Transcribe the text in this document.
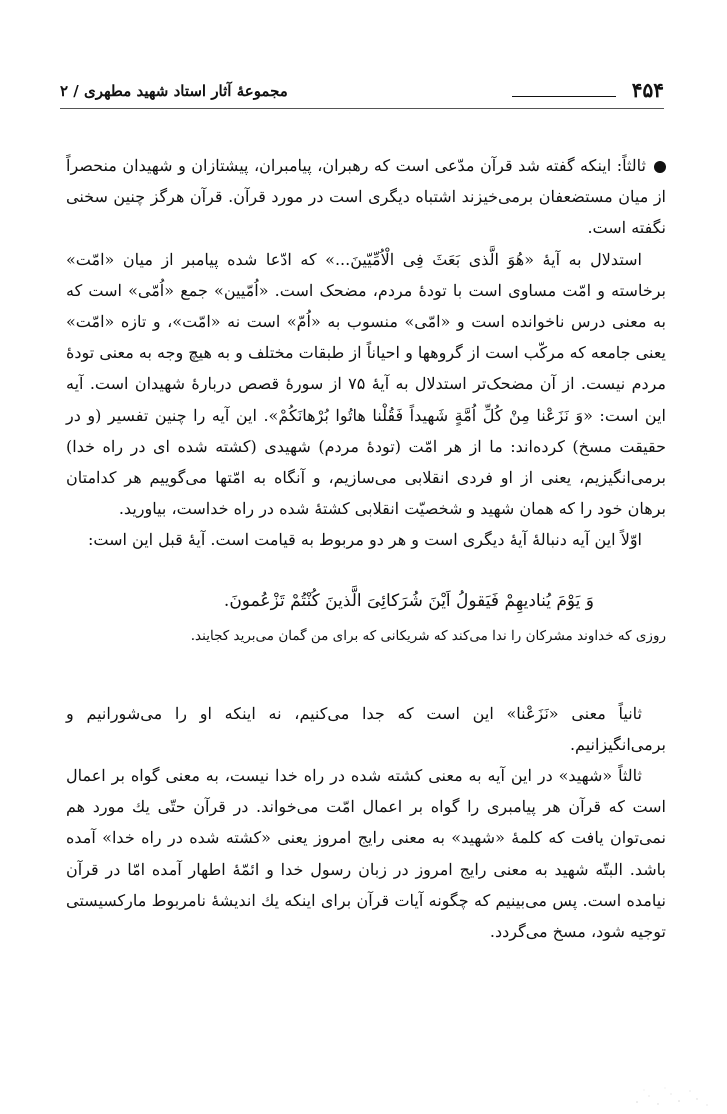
۴۵۴
مجموعهٔ آثار استاد شهید مطهری / ۲

ثالثاً: اینکه گفته شد قرآن مدّعی است که رهبران، پیامبران، پیشتازان و شهیدان منحصراً از میان مستضعفان برمی‌خیزند اشتباه دیگری است در مورد قرآن. قرآن هرگز چنین سخنی نگفته است.

استدلال به آیهٔ «هُوَ الَّذی بَعَثَ فِی الْاُمِّیّینَ...» که ادّعا شده پیامبر از میان «امّت» برخاسته و امّت مساوی است با تودهٔ مردم، مضحک است. «اُمّیین» جمع «اُمّی» است که به معنی درس ناخوانده است و «امّی» منسوب به «اُمّ» است نه «امّت»، و تازه «امّت» یعنی جامعه که مرکّب است از گروهها و احیاناً از طبقات مختلف و به هیچ وجه به معنی تودهٔ مردم نیست. از آن مضحک‌تر استدلال به آیهٔ ۷۵ از سورهٔ قصص دربارهٔ شهیدان است. آیه این است: «وَ نَزَعْنا مِنْ کُلِّ اُمَّةٍ شَهیداً فَقُلْنا هاتُوا بُرْهانَکُمْ». این آیه را چنین تفسیر (و در حقیقت مسخ) کرده‌اند: ما از هر امّت (تودهٔ مردم) شهیدی (کشته شده ای در راه خدا) برمی‌انگیزیم، یعنی از او فردی انقلابی می‌سازیم، و آنگاه به امّتها می‌گوییم هر کدامتان برهان خود را که همان شهید و شخصیّت انقلابی کشتهٔ شده در راه خداست، بیاورید.

اوّلاً این آیه دنبالهٔ آیهٔ دیگری است و هر دو مربوط به قیامت است. آیهٔ قبل این است:

وَ یَوْمَ یُنادیهِمْ فَیَقولُ اَیْنَ شُرَکائِیَ الَّذینَ کُنْتُمْ تَزْعُمونَ.

روزی که خداوند مشرکان را ندا می‌کند که شریکانی که برای من گمان می‌برید کجایند.

ثانیاً معنی «نَزَعْنا» این است که جدا می‌کنیم، نه اینکه او را می‌شورانیم و برمی‌انگیزانیم.

ثالثاً «شهید» در این آیه به معنی کشته شده در راه خدا نیست، به معنی گواه بر اعمال است که قرآن هر پیامبری را گواه بر اعمال امّت می‌خواند. در قرآن حتّی یك مورد هم نمی‌توان یافت که کلمهٔ «شهید» به معنی رایج امروز یعنی «کشته شده در راه خدا» آمده باشد. البتّه شهید به معنی رایج امروز در زبان رسول خدا و ائمّهٔ اطهار آمده امّا در قرآن نیامده است. پس می‌بینیم که چگونه آیات قرآن برای اینکه یك اندیشهٔ نامربوط مارکسیستی توجیه شود، مسخ می‌گردد.
